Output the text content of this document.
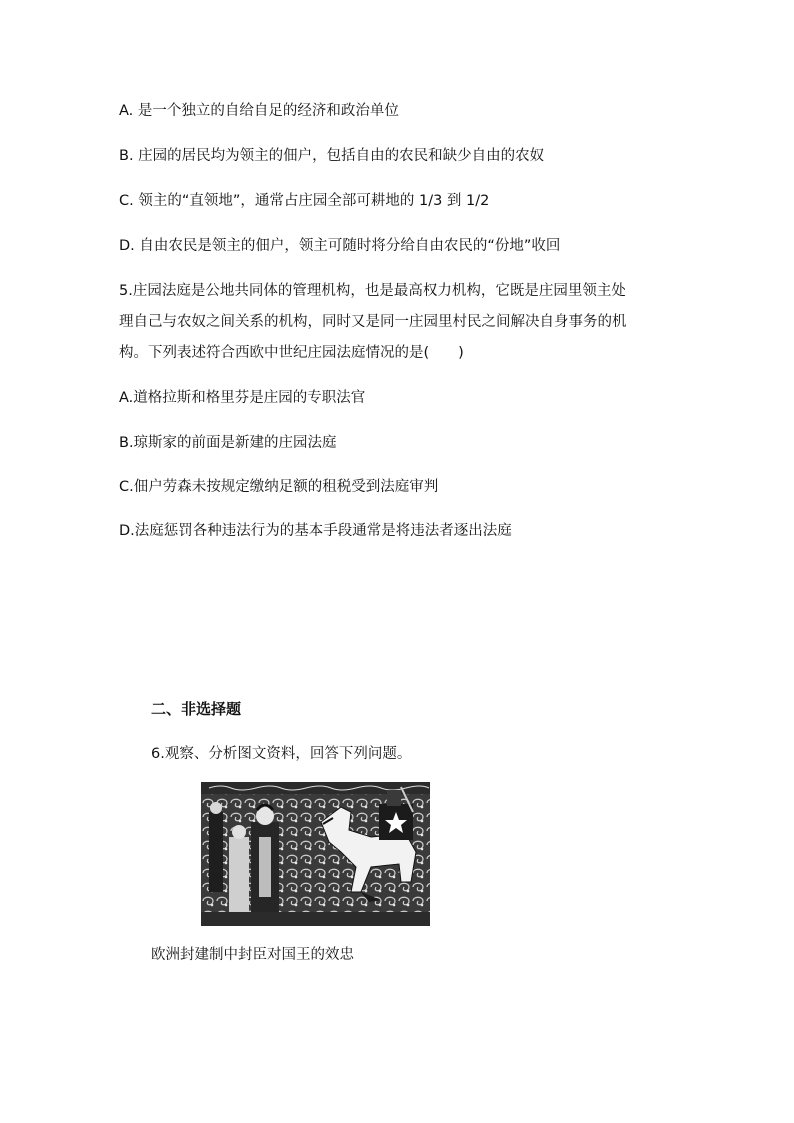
A. 是一个独立的自给自足的经济和政治单位
B. 庄园的居民均为领主的佃户，包括自由的农民和缺少自由的农奴
C. 领主的“直领地”，通常占庄园全部可耕地的 1/3 到 1/2
D. 自由农民是领主的佃户，领主可随时将分给自由农民的“份地”收回
5.庄园法庭是公地共同体的管理机构，也是最高权力机构，它既是庄园里领主处
理自己与农奴之间关系的机构，同时又是同一庄园里村民之间解决自身事务的机
构。下列表述符合西欧中世纪庄园法庭情况的是(　　)
A.道格拉斯和格里芬是庄园的专职法官
B.琼斯家的前面是新建的庄园法庭
C.佃户劳森未按规定缴纳足额的租税受到法庭审判
D.法庭惩罚各种违法行为的基本手段通常是将违法者逐出法庭
二、非选择题
6.观察、分析图文资料，回答下列问题。
欧洲封建制中封臣对国王的效忠
